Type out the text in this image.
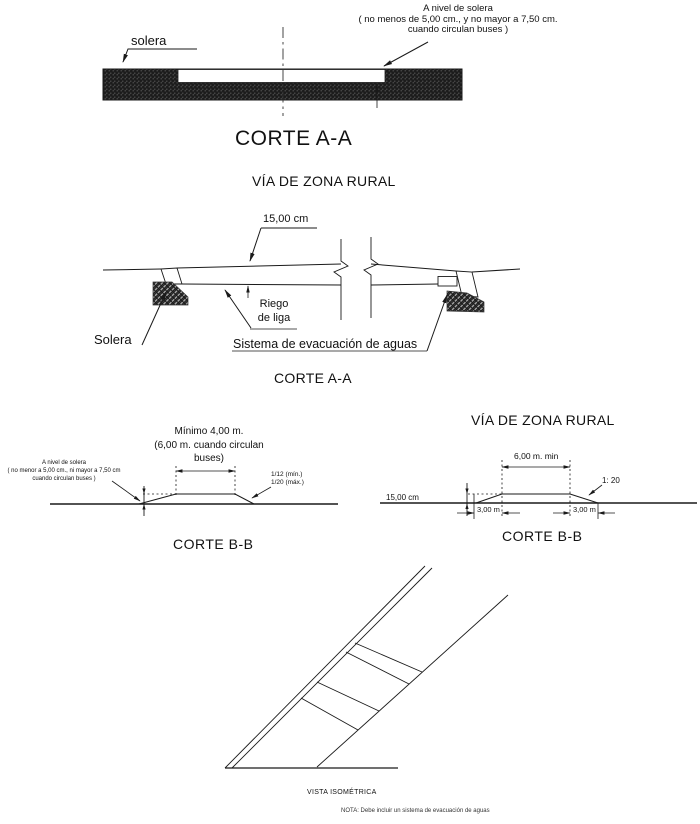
A nivel de solera
( no menos de 5,00 cm., y no mayor a 7,50 cm.
cuando circulan buses )
solera
CORTE A-A
VÍA DE ZONA RURAL
15,00 cm
Riego
de liga
Solera	Sistema de evacuación de aguas
CORTE A-A
Mínimo 4,00 m.
(6,00 m. cuando circulan buses)
A nivel de solera
( no menor a 5,00 cm., ni mayor a 7,50 cm
cuando circulan buses )
1/12 (mín.)
1/20 (máx.)
CORTE B-B
VÍA DE ZONA RURAL
6,00 m. min
15,00 cm
3,00 m	3,00 m
1: 20
CORTE B-B
VISTA ISOMÉTRICA
NOTA: Debe incluir un sistema de evacuación de aguas
